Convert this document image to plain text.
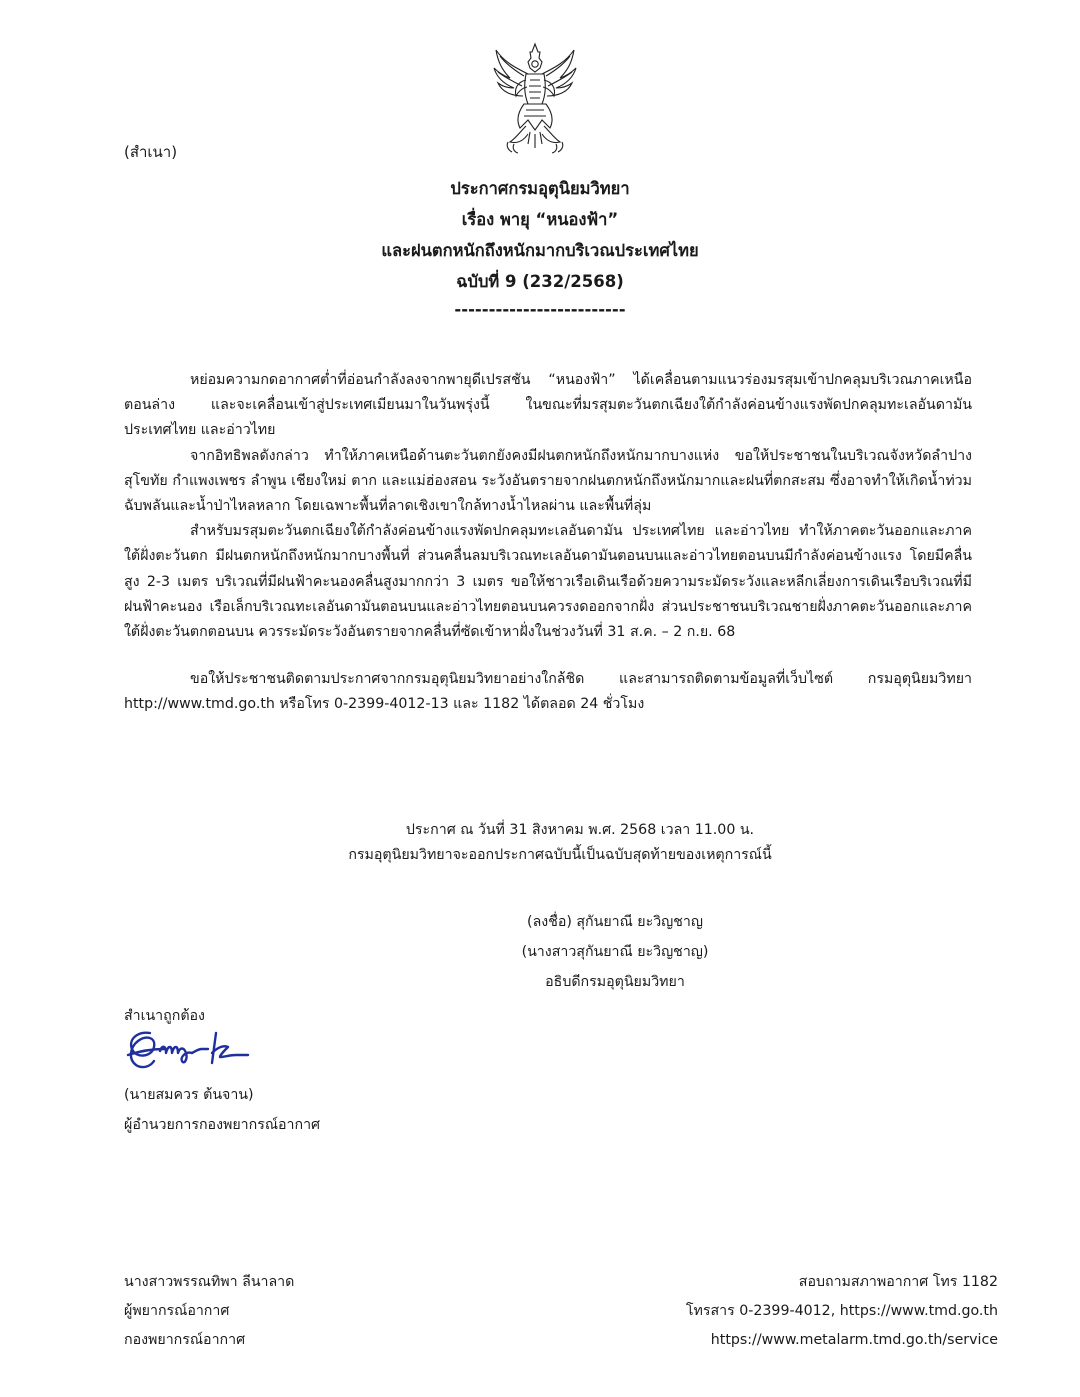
(สำเนา)
ประกาศกรมอุตุนิยมวิทยา
เรื่อง พายุ “หนองฟ้า”
และฝนตกหนักถึงหนักมากบริเวณประเทศไทย
ฉบับที่ 9 (232/2568)
-------------------------

หย่อมความกดอากาศต่ำที่อ่อนกำลังลงจากพายุดีเปรสชัน “หนองฟ้า” ได้เคลื่อนตามแนวร่องมรสุมเข้าปกคลุมบริเวณภาคเหนือตอนล่าง และจะเคลื่อนเข้าสู่ประเทศเมียนมาในวันพรุ่งนี้ ในขณะที่มรสุมตะวันตกเฉียงใต้กำลังค่อนข้างแรงพัดปกคลุมทะเลอันดามัน ประเทศไทย และอ่าวไทย

จากอิทธิพลดังกล่าว ทำให้ภาคเหนือด้านตะวันตกยังคงมีฝนตกหนักถึงหนักมากบางแห่ง ขอให้ประชาชนในบริเวณจังหวัดลำปาง สุโขทัย กำแพงเพชร ลำพูน เชียงใหม่ ตาก และแม่ฮ่องสอน ระวังอันตรายจากฝนตกหนักถึงหนักมากและฝนที่ตกสะสม ซึ่งอาจทำให้เกิดน้ำท่วมฉับพลันและน้ำป่าไหลหลาก โดยเฉพาะพื้นที่ลาดเชิงเขาใกล้ทางน้ำไหลผ่าน และพื้นที่ลุ่ม

สำหรับมรสุมตะวันตกเฉียงใต้กำลังค่อนข้างแรงพัดปกคลุมทะเลอันดามัน ประเทศไทย และอ่าวไทย ทำให้ภาคตะวันออกและภาคใต้ฝั่งตะวันตก มีฝนตกหนักถึงหนักมากบางพื้นที่ ส่วนคลื่นลมบริเวณทะเลอันดามันตอนบนและอ่าวไทยตอนบนมีกำลังค่อนข้างแรง โดยมีคลื่นสูง 2-3 เมตร บริเวณที่มีฝนฟ้าคะนองคลื่นสูงมากกว่า 3 เมตร ขอให้ชาวเรือเดินเรือด้วยความระมัดระวังและหลีกเลี่ยงการเดินเรือบริเวณที่มีฝนฟ้าคะนอง เรือเล็กบริเวณทะเลอันดามันตอนบนและอ่าวไทยตอนบนควรงดออกจากฝั่ง ส่วนประชาชนบริเวณชายฝั่งภาคตะวันออกและภาคใต้ฝั่งตะวันตกตอนบน ควรระมัดระวังอันตรายจากคลื่นที่ซัดเข้าหาฝั่งในช่วงวันที่ 31 ส.ค. – 2 ก.ย. 68

ขอให้ประชาชนติดตามประกาศจากกรมอุตุนิยมวิทยาอย่างใกล้ชิด และสามารถติดตามข้อมูลที่เว็บไซต์ กรมอุตุนิยมวิทยา http://www.tmd.go.th หรือโทร 0-2399-4012-13 และ 1182 ได้ตลอด 24 ชั่วโมง

ประกาศ ณ วันที่ 31 สิงหาคม พ.ศ. 2568 เวลา 11.00 น.
กรมอุตุนิยมวิทยาจะออกประกาศฉบับนี้เป็นฉบับสุดท้ายของเหตุการณ์นี้
(ลงชื่อ) สุกันยาณี ยะวิญชาญ
(นางสาวสุกันยาณี ยะวิญชาญ)
อธิบดีกรมอุตุนิยมวิทยา
สำเนาถูกต้อง
(นายสมควร ต้นจาน)
ผู้อำนวยการกองพยากรณ์อากาศ
นางสาวพรรณทิพา ลีนาลาด
ผู้พยากรณ์อากาศ
กองพยากรณ์อากาศ
สอบถามสภาพอากาศ โทร 1182
โทรสาร 0-2399-4012, https://www.tmd.go.th
https://www.metalarm.tmd.go.th/service
